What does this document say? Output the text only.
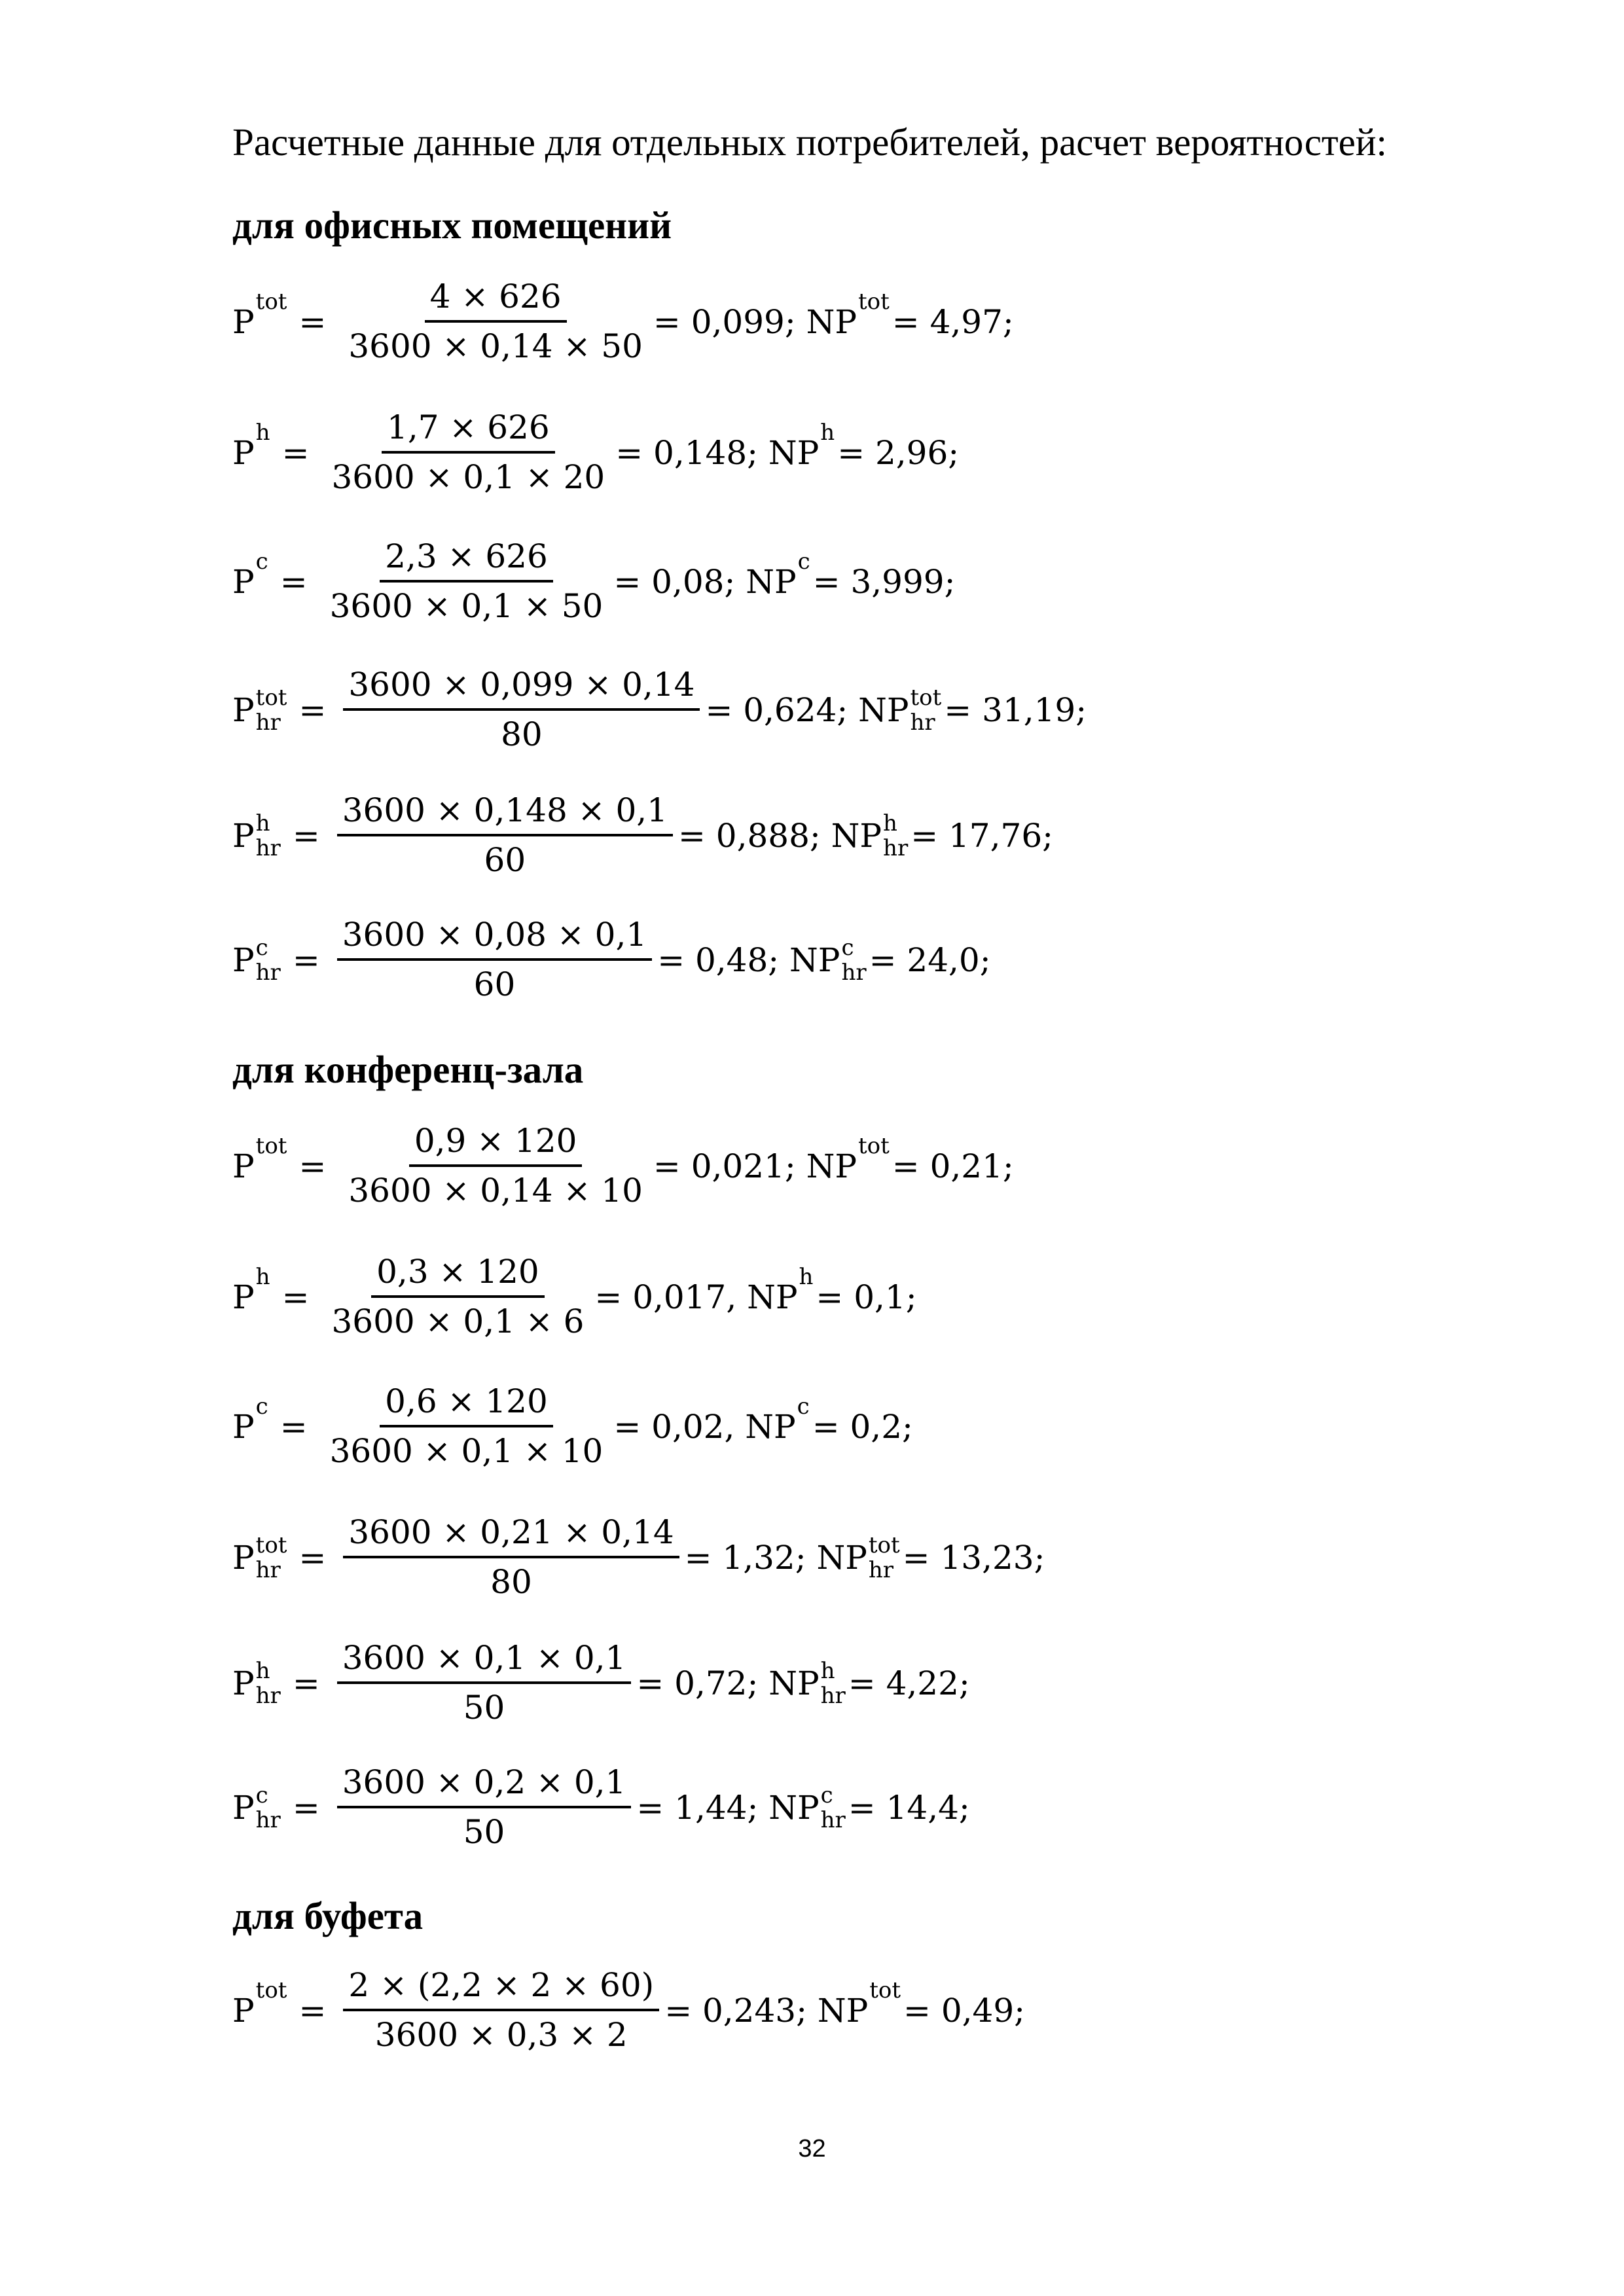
Расчетные данные для отдельных потребителей, расчет вероятностей:
для офисных помещений
P
tot
= $\frac{4 \times 626}{3600 \times 0,14 \times 50} = 0,099$; NP
tot
= 4,97;
P
h
= $\frac{1,7 \times 626}{3600 \times 0,1 \times 20} = 0,148$; NP
h
= 2,96;
P
c
= $\frac{2,3 \times 626}{3600 \times 0,1 \times 50} = 0,08$; NP
c
= 3,999;
P tot
hr = $\frac{3600 \times 0,099 \times 0,14}{80} = 0,624$; NP tot
hr = 31,19;
P h
hr = $\frac{3600 \times 0,148 \times 0,1}{60} = 0,888$; NP h
hr = 17,76;
P c
hr = $\frac{3600 \times 0,08 \times 0,1}{60} = 0,48$; NP c
hr = 24,0;
для конференц-зала
P
tot
= $\frac{0,9 \times 120}{3600 \times 0,14 \times 10} = 0,021$; NP
tot
= 0,21;
P
h
= $\frac{0,3 \times 120}{3600 \times 0,1 \times 6} = 0,017$, NP
h
= 0,1;
P
c
= $\frac{0,6 \times 120}{3600 \times 0,1 \times 10} = 0,02$, NP
c
= 0,2;
P tot
hr = $\frac{3600 \times 0,21 \times 0,14}{80} = 1,32$; NP tot
hr = 13,23;
P h
hr = $\frac{3600 \times 0,1 \times 0,1}{50} = 0,72$; NP h
hr = 4,22;
P c
hr = $\frac{3600 \times 0,2 \times 0,1}{50} = 1,44$; NP c
hr = 14,4;
для буфета
P
tot
= $\frac{2 \times (2,2 \times 2 \times 60)}{3600 \times 0,3 \times 2} = 0,243$; NP
tot
= 0,49;
32
